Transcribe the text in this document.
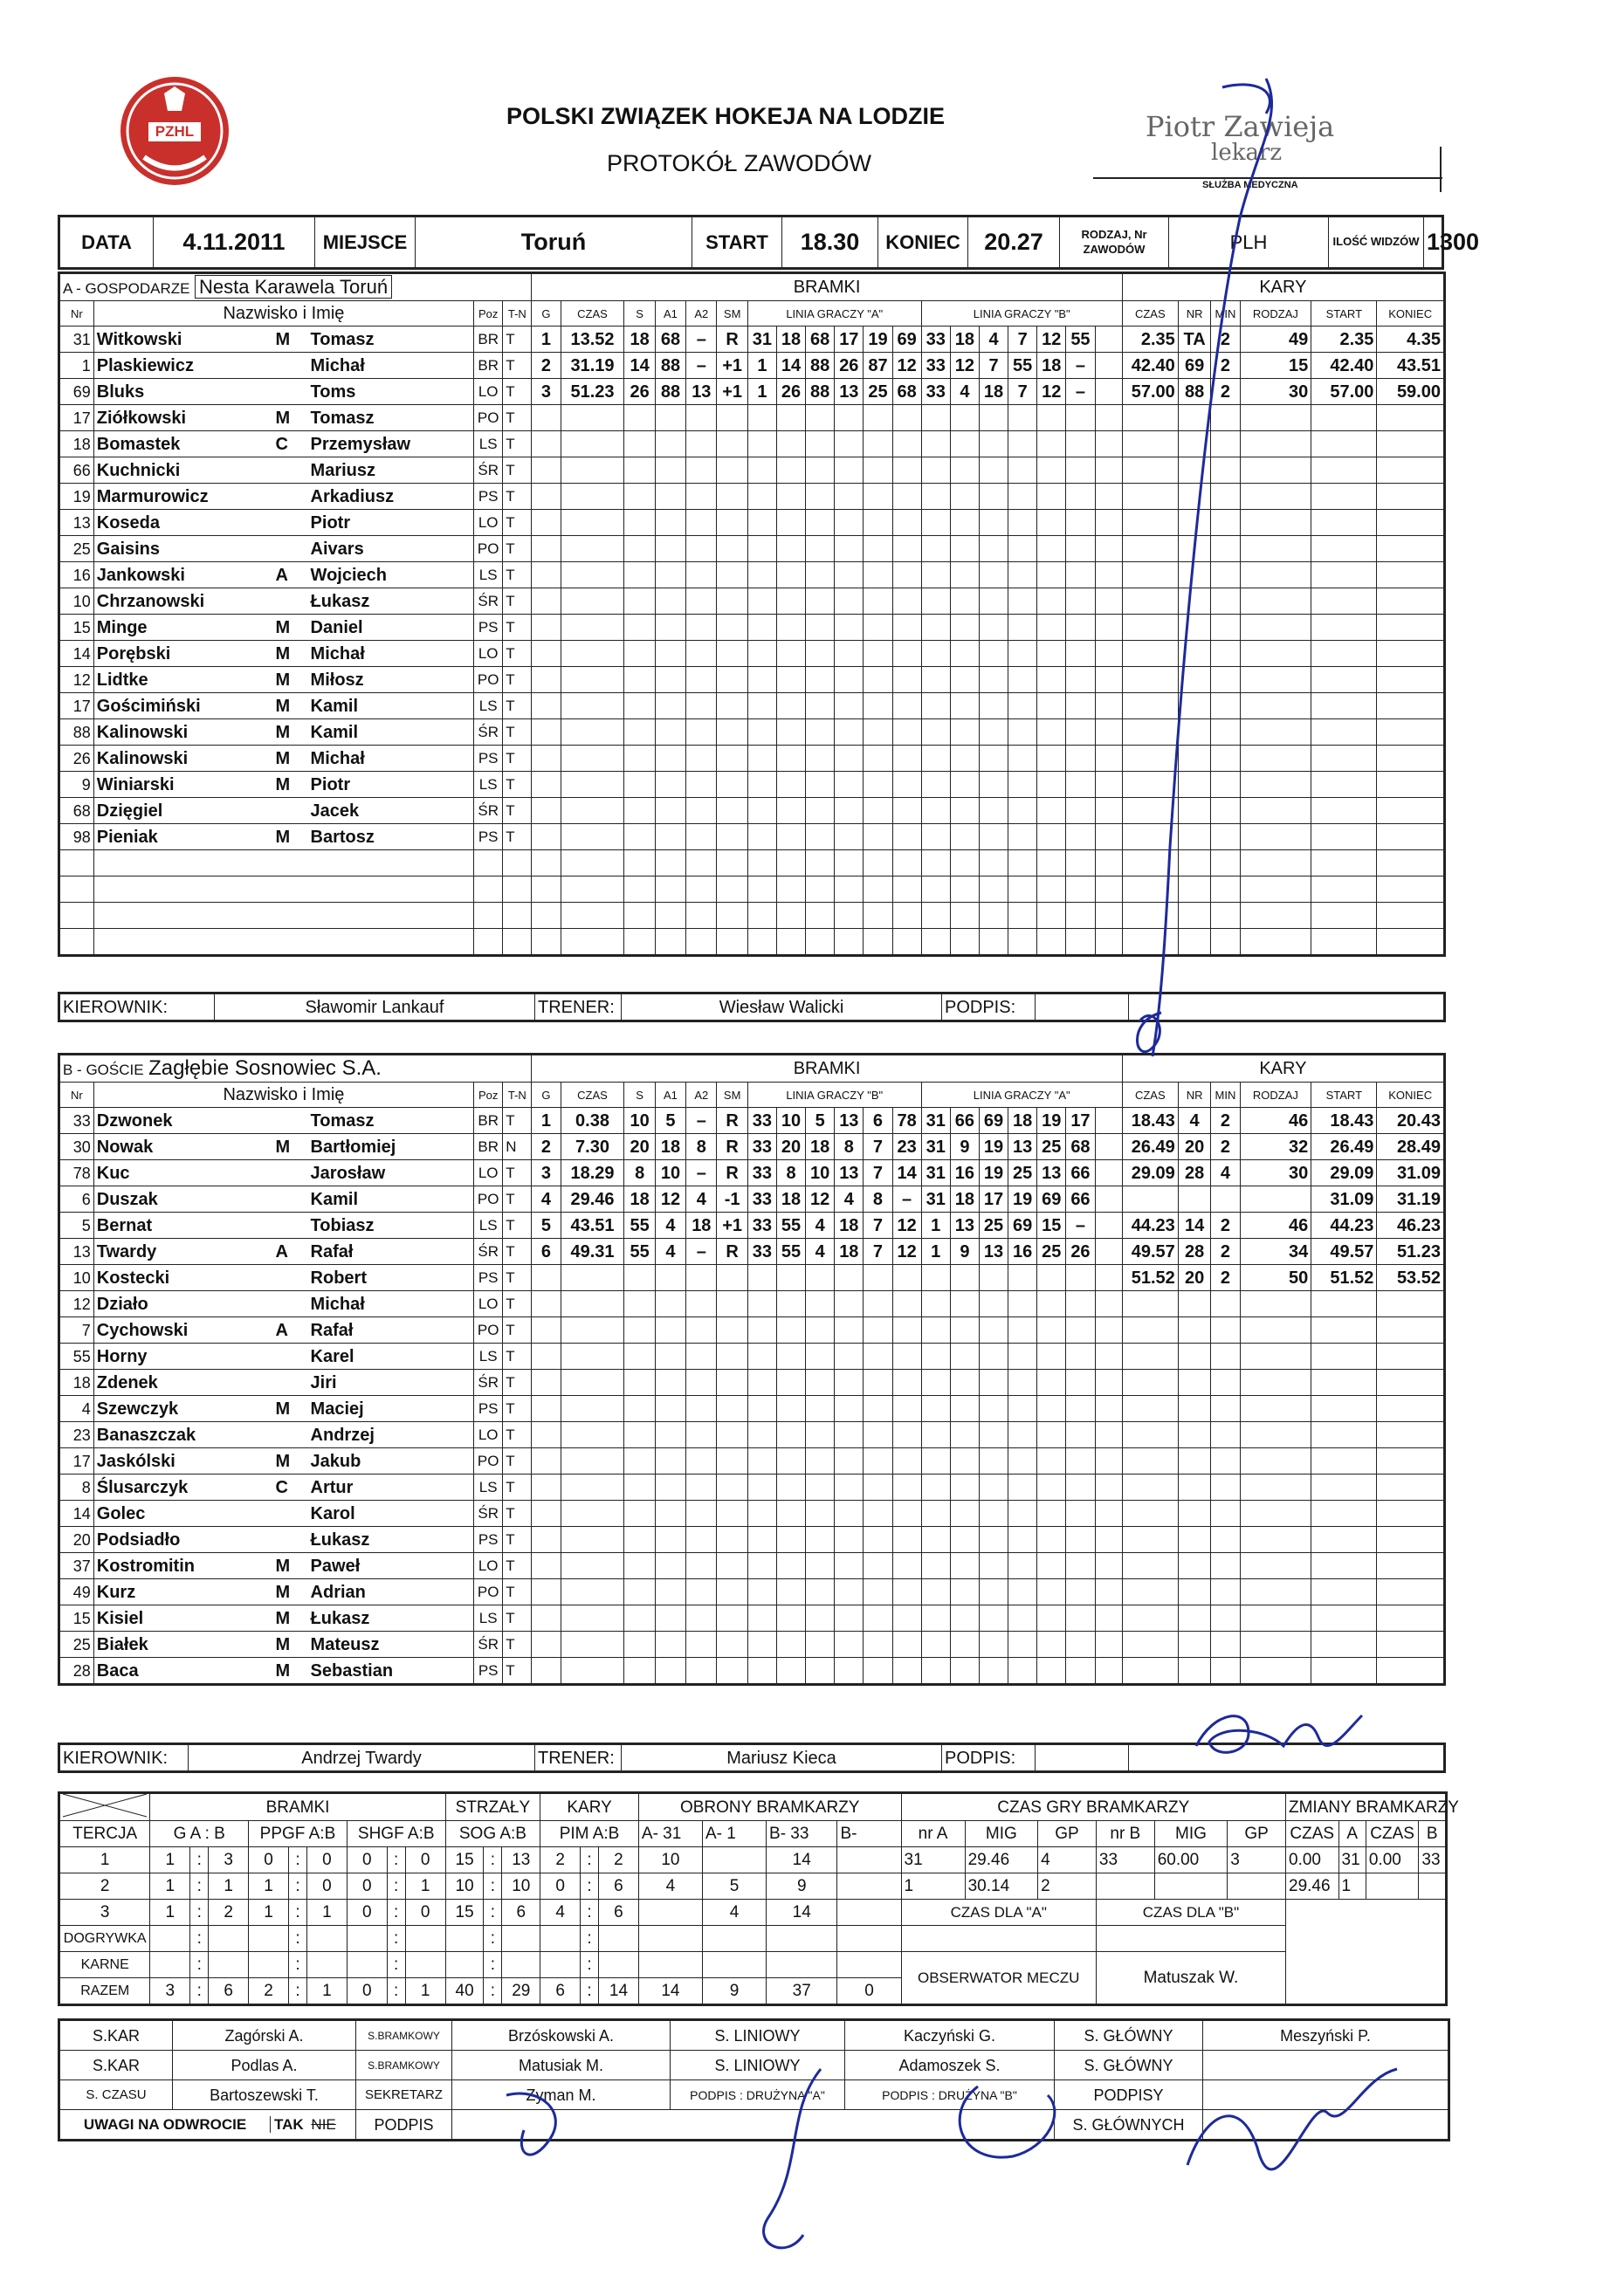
PZHL
POLSKI ZWIĄZEK HOKEJA NA LODZIE
PROTOKÓŁ ZAWODÓW
Piotr Zawieja
lekarz
SŁUŻBA MEDYCZNA
DATA	4.11.2011	MIEJSCE	Toruń	START	18.30	KONIEC	20.27	RODZAJ, Nr ZAWODÓW	PLH	ILOŚĆ WIDZÓW	1300
A - GOSPODARZE Nesta Karawela Toruń					BRAMKI																			KARY					
Nr	Nazwisko i Imię		Poz	T-N	G	CZAS	S	A1	A2	SM	LINIA GRACZY "A"						LINIA GRACZY "B"							CZAS	NR	MIN	RODZAJ	START	KONIEC
31	Witkowski M	Tomasz	BR	T	1	13.52	18	68	–	R	31	18	68	17	19	69	33	18	4	7	12	55		2.35	TA	2	49	2.35	4.35
1	Plaskiewicz	Michał	BR	T	2	31.19	14	88	–	+1	1	14	88	26	87	12	33	12	7	55	18	–		42.40	69	2	15	42.40	43.51
69	Bluks	Toms	LO	T	3	51.23	26	88	13	+1	1	26	88	13	25	68	33	4	18	7	12	–		57.00	88	2	30	57.00	59.00
17	Ziółkowski M	Tomasz	PO	T																									
18	Bomastek C	Przemysław	LS	T																									
66	Kuchnicki	Mariusz	ŚR	T																									
19	Marmurowicz	Arkadiusz	PS	T																									
13	Koseda	Piotr	LO	T																									
25	Gaisins	Aivars	PO	T																									
16	Jankowski A	Wojciech	LS	T																									
10	Chrzanowski	Łukasz	ŚR	T																									
15	Minge M	Daniel	PS	T																									
14	Porębski M	Michał	LO	T																									
12	Lidtke M	Miłosz	PO	T																									
17	Gościmiński M	Kamil	LS	T																									
88	Kalinowski M	Kamil	ŚR	T																									
26	Kalinowski M	Michał	PS	T																									
9	Winiarski M	Piotr	LS	T																									
68	Dzięgiel	Jacek	ŚR	T																									
98	Pieniak M	Bartosz	PS	T																									

KIEROWNIK:	Sławomir Lankauf	TRENER:	Wiesław Walicki	PODPIS:		
B - GOŚCIE Zagłębie Sosnowiec S.A.					BRAMKI																			KARY					
Nr	Nazwisko i Imię		Poz	T-N	G	CZAS	S	A1	A2	SM	LINIA GRACZY "B"						LINIA GRACZY "A"							CZAS	NR	MIN	RODZAJ	START	KONIEC
33	Dzwonek	Tomasz	BR	T	1	0.38	10	5	–	R	33	10	5	13	6	78	31	66	69	18	19	17		18.43	4	2	46	18.43	20.43
30	Nowak M	Bartłomiej	BR	N	2	7.30	20	18	8	R	33	20	18	8	7	23	31	9	19	13	25	68		26.49	20	2	32	26.49	28.49
78	Kuc	Jarosław	LO	T	3	18.29	8	10	–	R	33	8	10	13	7	14	31	16	19	25	13	66		29.09	28	4	30	29.09	31.09
6	Duszak	Kamil	PO	T	4	29.46	18	12	4	-1	33	18	12	4	8	–	31	18	17	19	69	66						31.09	31.19
5	Bernat	Tobiasz	LS	T	5	43.51	55	4	18	+1	33	55	4	18	7	12	1	13	25	69	15	–		44.23	14	2	46	44.23	46.23
13	Twardy A	Rafał	ŚR	T	6	49.31	55	4	–	R	33	55	4	18	7	12	1	9	13	16	25	26		49.57	28	2	34	49.57	51.23
10	Kostecki	Robert	PS	T																				51.52	20	2	50	51.52	53.52
12	Działo	Michał	LO	T																									
7	Cychowski A	Rafał	PO	T																									
55	Horny	Karel	LS	T																									
18	Zdenek	Jiri	ŚR	T																									
4	Szewczyk M	Maciej	PS	T																									
23	Banaszczak	Andrzej	LO	T																									
17	Jaskólski M	Jakub	PO	T																									
8	Ślusarczyk C	Artur	LS	T																									
14	Golec	Karol	ŚR	T																									
20	Podsiadło	Łukasz	PS	T																									
37	Kostromitin M	Paweł	LO	T																									
49	Kurz M	Adrian	PO	T																									
15	Kisiel M	Łukasz	LS	T																									
25	Białek M	Mateusz	ŚR	T																									
28	Baca M	Sebastian	PS	T																									
KIEROWNIK:	Andrzej Twardy	TRENER:	Mariusz Kieca	PODPIS:		
	BRAMKI									STRZAŁY			KARY			OBRONY BRAMKARZY				CZAS GRY BRAMKARZY						ZMIANY BRAMKARZY			
TERCJA	G A : B			PPGF A:B			SHGF A:B			SOG A:B			PIM A:B			A- 31	A- 1	B- 33	B-	nr A	MIG	GP	nr B	MIG	GP	CZAS	A	CZAS	B
1	1	:	3	0	:	0	0	:	0	15	:	13	2	:	2	10		14		31	29.46	4	33	60.00	3	0.00	31	0.00	33
2	1	:	1	1	:	0	0	:	1	10	:	10	0	:	6	4	5	9		1	30.14	2				29.46	1		
3	1	:	2	1	:	1	0	:	0	15	:	6	4	:	6		4	14		CZAS DLA "A"			CZAS DLA "B"						
DOGRYWKA		:			:			:			:			:															
KARNE		:			:			:			:			:						OBSERWATOR MECZU			Matuszak W.						
RAZEM	3	:	6	2	:	1	0	:	1	40	:	29	6	:	14	14	9	37	0										
S.KAR	Zagórski A.	S.BRAMKOWY	Brzóskowski A.	S. LINIOWY	Kaczyński G.	S. GŁÓWNY	Meszyński P.
S.KAR	Podlas A.	S.BRAMKOWY	Matusiak M.	S. LINIOWY	Adamoszek S.	S. GŁÓWNY	
S. CZASU	Bartoszewski T.	SEKRETARZ	Zyman M.	PODPIS : DRUŻYNA "A"	PODPIS : DRUŻYNA "B"	PODPISY	
UWAGI NA ODWROCIE TAK NIE		PODPIS				S. GŁÓWNYCH	
